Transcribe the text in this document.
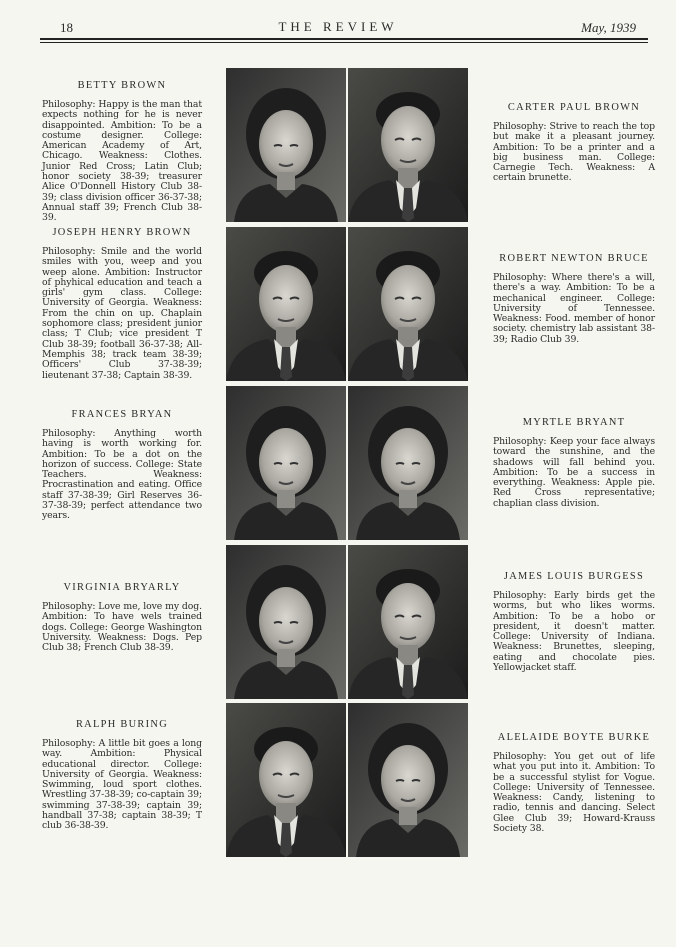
18	THE REVIEW	May, 1939
BETTY BROWN

Philosophy: Happy is the man that expects nothing for he is never disappointed. Ambition: To be a costume designer. College: American Academy of Art, Chicago. Weakness: Clothes. Junior Red Cross; Latin Club; honor society 38-39; treasurer Alice O'Donnell History Club 38-39; class division officer 36-37-38; Annual staff 39; French Club 38-39.

JOSEPH HENRY BROWN

Philosophy: Smile and the world smiles with you, weep and you weep alone. Ambition: Instructor of phyhical education and teach a girls' gym class. College: University of Georgia. Weakness: From the chin on up. Chaplain sophomore class; president junior class; T Club; vice president T Club 38-39; football 36-37-38; All-Memphis 38; track team 38-39; Officers' Club 37-38-39; lieutenant 37-38; Captain 38-39.

FRANCES BRYAN

Philosophy: Anything worth having is worth working for. Ambition: To be a dot on the horizon of success. College: State Teachers. Weakness: Procrastination and eating. Office staff 37-38-39; Girl Reserves 36-37-38-39; perfect attendance two years.

VIRGINIA BRYARLY

Philosophy: Love me, love my dog. Ambition: To have wels trained dogs. College: George Washington University. Weakness: Dogs. Pep Club 38; French Club 38-39.

RALPH BURING

Philosophy: A little bit goes a long way. Ambition: Physical educational director. College: University of Georgia. Weakness: Swimming, loud sport clothes. Wrestling 37-38-39; co-captain 39; swimming 37-38-39; captain 39; handball 37-38; captain 38-39; T club 36-38-39.

CARTER PAUL BROWN

Philosophy: Strive to reach the top but make it a pleasant journey. Ambition: To be a printer and a big business man. College: Carnegie Tech. Weakness: A certain brunette.

ROBERT NEWTON BRUCE

Philosophy: Where there's a will, there's a way. Ambition: To be a mechanical engineer. College: University of Tennessee. Weakness: Food. member of honor society. chemistry lab assistant 38-39; Radio Club 39.

MYRTLE BRYANT

Philosophy: Keep your face always toward the sunshine, and the shadows will fall behind you. Ambition: To be a success in everything. Weakness: Apple pie. Red Cross representative; chaplian class division.

JAMES LOUIS BURGESS

Philosophy: Early birds get the worms, but who likes worms. Ambition: To be a hobo or president, it doesn't matter. College: University of Indiana. Weakness: Brunettes, sleeping, eating and chocolate pies. Yellowjacket staff.

ALELAIDE BOYTE BURKE

Philosophy: You get out of life what you put into it. Ambition: To be a successful stylist for Vogue. College: University of Tennessee. Weakness: Candy, listening to radio, tennis and dancing. Select Glee Club 39; Howard-Krauss Society 38.
